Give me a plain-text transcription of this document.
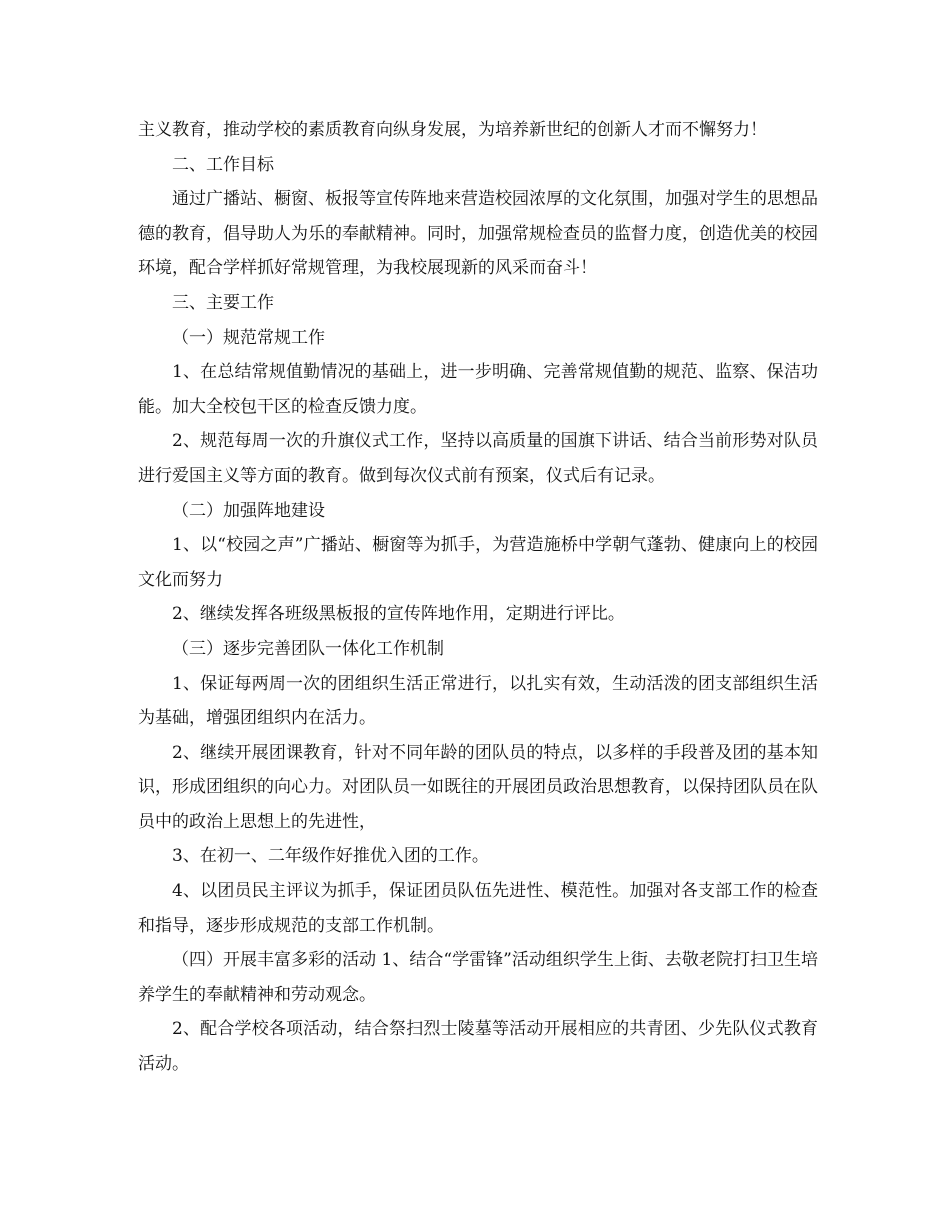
主义教育，推动学校的素质教育向纵身发展，为培养新世纪的创新人才而不懈努力！

二、工作目标

通过广播站、橱窗、板报等宣传阵地来营造校园浓厚的文化氛围，加强对学生的思想品德的教育，倡导助人为乐的奉献精神。同时，加强常规检查员的监督力度，创造优美的校园环境，配合学样抓好常规管理，为我校展现新的风采而奋斗！

三、主要工作

（一）规范常规工作

1、在总结常规值勤情况的基础上，进一步明确、完善常规值勤的规范、监察、保洁功能。加大全校包干区的检查反馈力度。

2、规范每周一次的升旗仪式工作，坚持以高质量的国旗下讲话、结合当前形势对队员进行爱国主义等方面的教育。做到每次仪式前有预案，仪式后有记录。

（二）加强阵地建设

1、以“校园之声”广播站、橱窗等为抓手，为营造施桥中学朝气蓬勃、健康向上的校园文化而努力

2、继续发挥各班级黑板报的宣传阵地作用，定期进行评比。

（三）逐步完善团队一体化工作机制

1、保证每两周一次的团组织生活正常进行，以扎实有效，生动活泼的团支部组织生活为基础，增强团组织内在活力。

2、继续开展团课教育，针对不同年龄的团队员的特点，以多样的手段普及团的基本知识，形成团组织的向心力。对团队员一如既往的开展团员政治思想教育，以保持团队员在队员中的政治上思想上的先进性，

3、在初一、二年级作好推优入团的工作。

4、以团员民主评议为抓手，保证团员队伍先进性、模范性。加强对各支部工作的检查和指导，逐步形成规范的支部工作机制。

（四）开展丰富多彩的活动 1、结合“学雷锋”活动组织学生上街、去敬老院打扫卫生培养学生的奉献精神和劳动观念。

2、配合学校各项活动，结合祭扫烈士陵墓等活动开展相应的共青团、少先队仪式教育活动。
